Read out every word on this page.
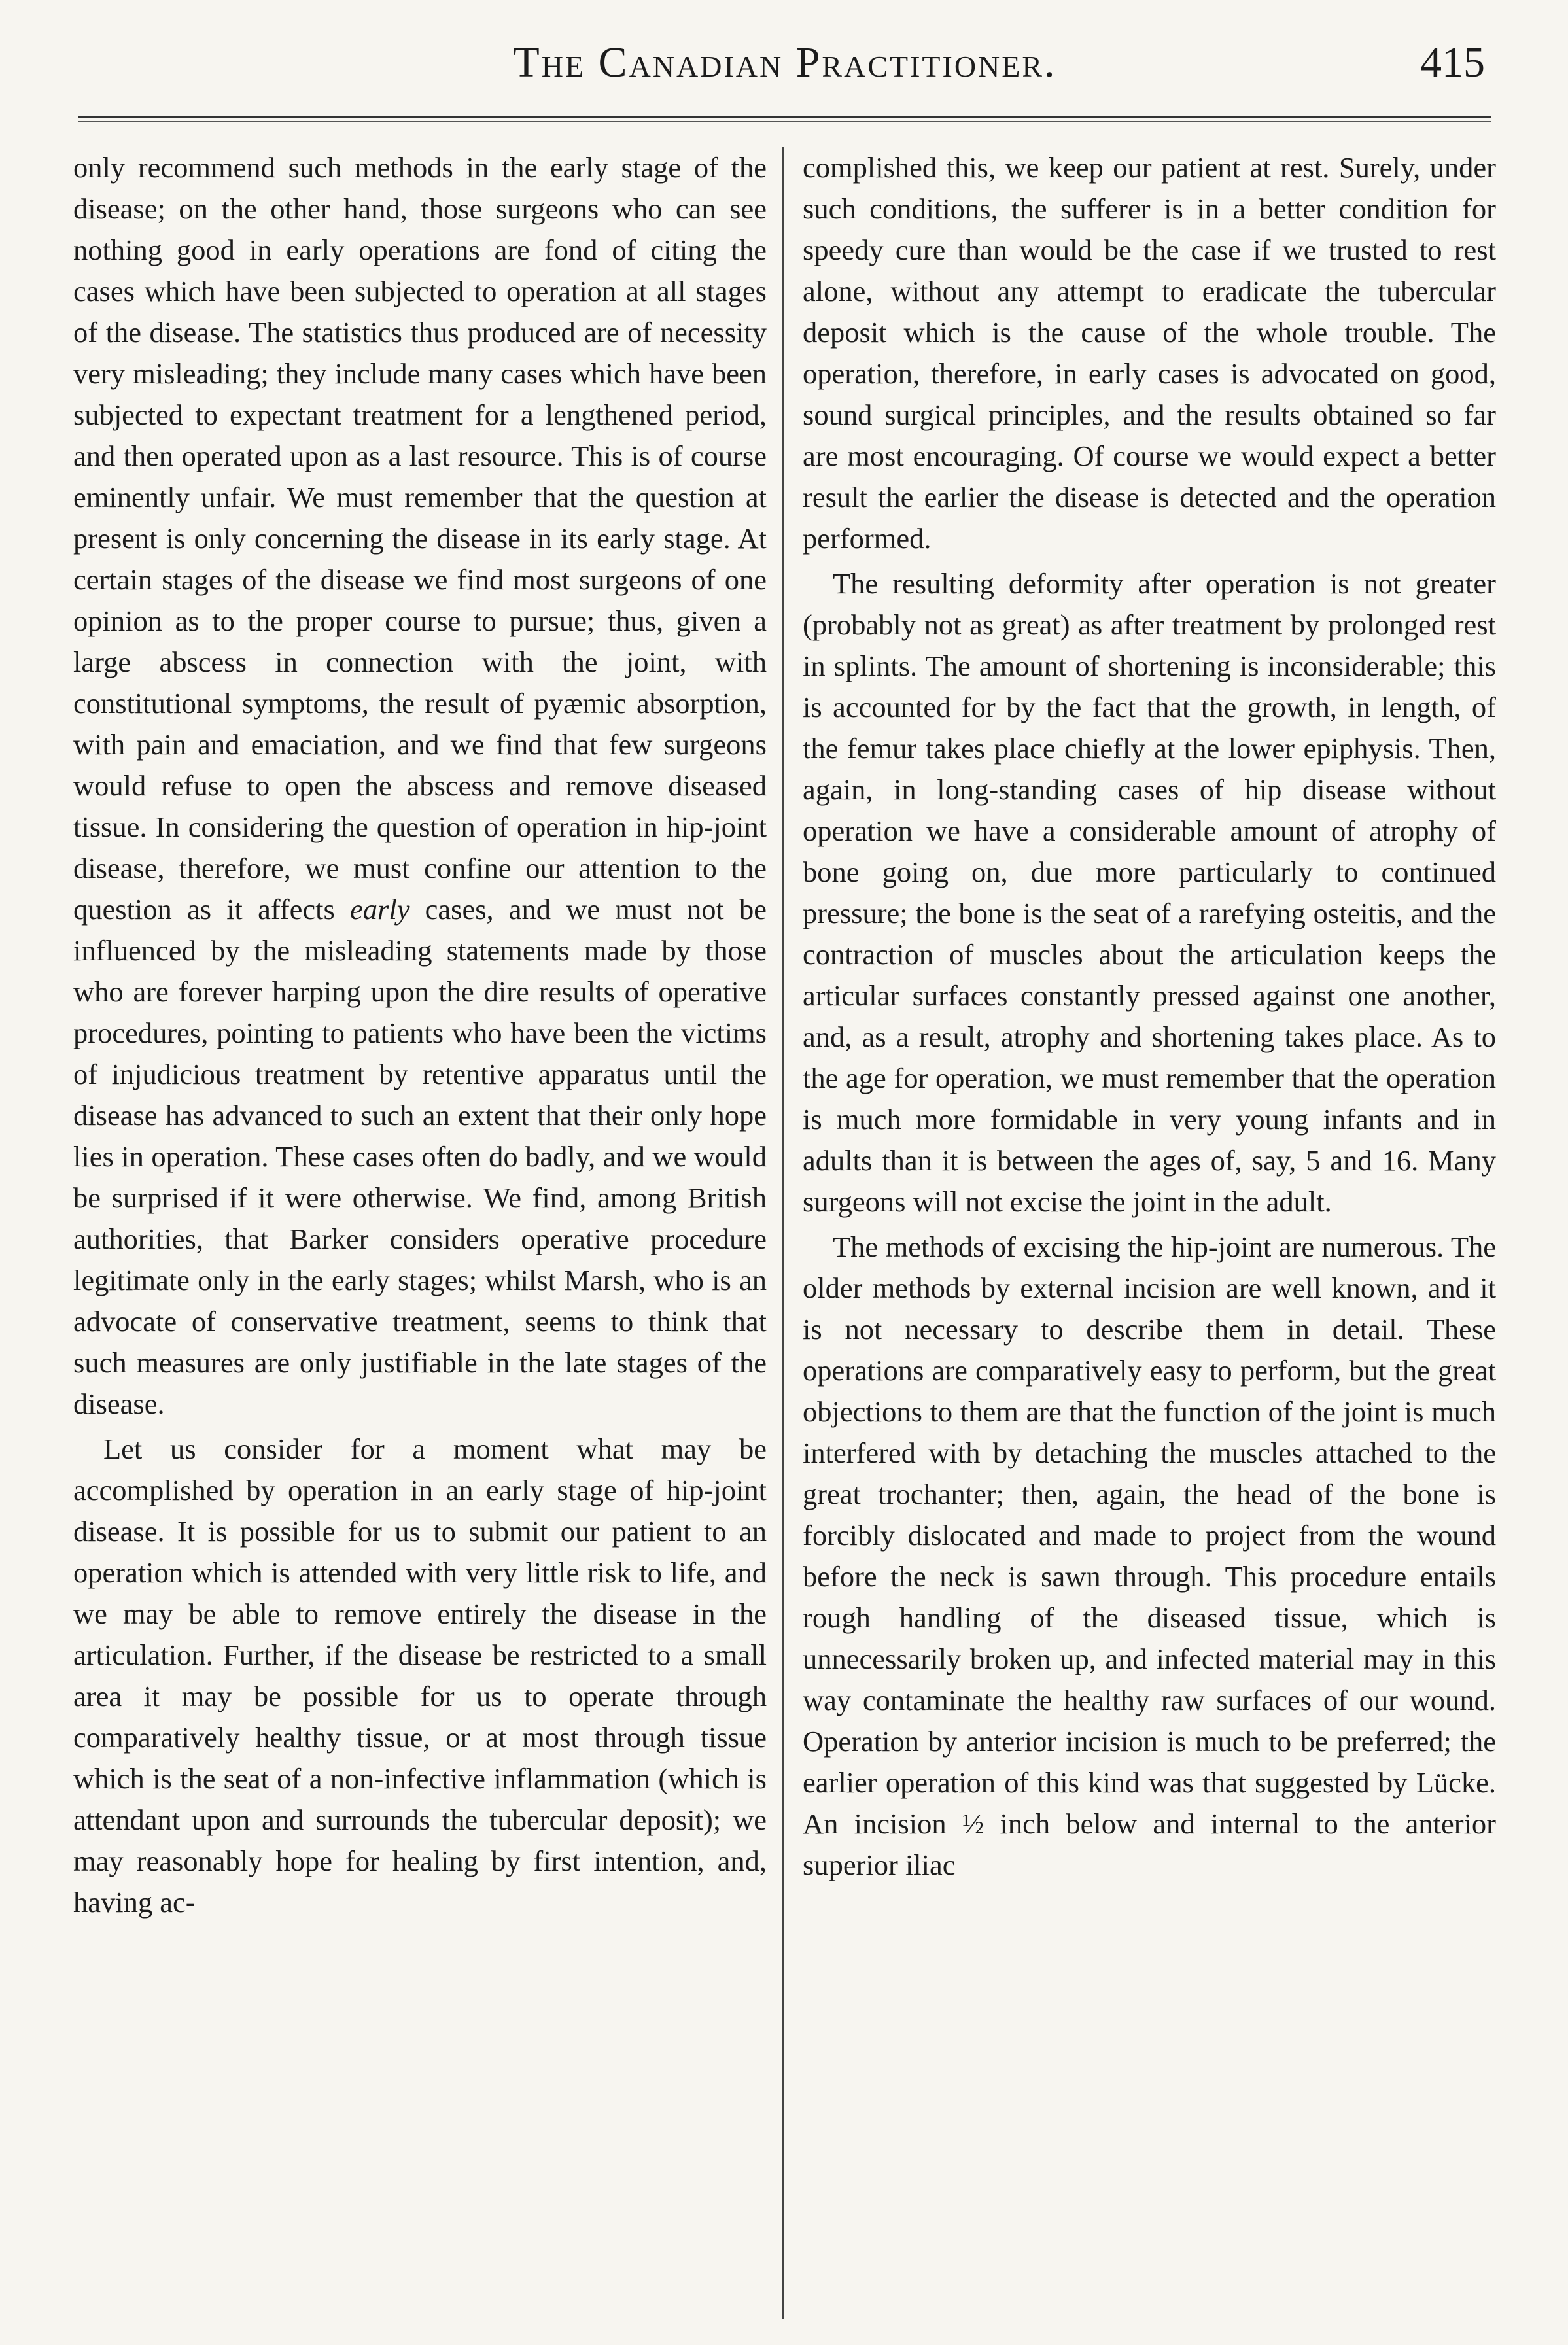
The Canadian Practitioner.	415

only recommend such methods in the early stage of the disease; on the other hand, those surgeons who can see nothing good in early operations are fond of citing the cases which have been subjected to operation at all stages of the disease. The statistics thus produced are of necessity very misleading; they include many cases which have been subjected to expectant treatment for a lengthened period, and then operated upon as a last resource. This is of course eminently unfair. We must remember that the question at present is only concerning the disease in its early stage. At certain stages of the disease we find most surgeons of one opinion as to the proper course to pursue; thus, given a large abscess in connection with the joint, with constitutional symptoms, the result of pyæmic absorption, with pain and emaciation, and we find that few surgeons would refuse to open the abscess and remove diseased tissue. In considering the question of operation in hip-joint disease, therefore, we must confine our attention to the question as it affects early cases, and we must not be influenced by the misleading statements made by those who are forever harping upon the dire results of operative procedures, pointing to patients who have been the victims of injudicious treatment by retentive apparatus until the disease has advanced to such an extent that their only hope lies in operation. These cases often do badly, and we would be surprised if it were otherwise. We find, among British authorities, that Barker considers operative procedure legitimate only in the early stages; whilst Marsh, who is an advocate of conservative treatment, seems to think that such measures are only justifiable in the late stages of the disease.

Let us consider for a moment what may be accomplished by operation in an early stage of hip-joint disease. It is possible for us to submit our patient to an operation which is attended with very little risk to life, and we may be able to remove entirely the disease in the articulation. Further, if the disease be restricted to a small area it may be possible for us to operate through comparatively healthy tissue, or at most through tissue which is the seat of a non-infective inflammation (which is attendant upon and surrounds the tubercular deposit); we may reasonably hope for healing by first intention, and, having ac-

complished this, we keep our patient at rest. Surely, under such conditions, the sufferer is in a better condition for speedy cure than would be the case if we trusted to rest alone, without any attempt to eradicate the tubercular deposit which is the cause of the whole trouble. The operation, therefore, in early cases is advocated on good, sound surgical principles, and the results obtained so far are most encouraging. Of course we would expect a better result the earlier the disease is detected and the operation performed.

The resulting deformity after operation is not greater (probably not as great) as after treatment by prolonged rest in splints. The amount of shortening is inconsiderable; this is accounted for by the fact that the growth, in length, of the femur takes place chiefly at the lower epiphysis. Then, again, in long-standing cases of hip disease without operation we have a considerable amount of atrophy of bone going on, due more particularly to continued pressure; the bone is the seat of a rarefying osteitis, and the contraction of muscles about the articulation keeps the articular surfaces constantly pressed against one another, and, as a result, atrophy and shortening takes place. As to the age for operation, we must remember that the operation is much more formidable in very young infants and in adults than it is between the ages of, say, 5 and 16. Many surgeons will not excise the joint in the adult.

The methods of excising the hip-joint are numerous. The older methods by external incision are well known, and it is not necessary to describe them in detail. These operations are comparatively easy to perform, but the great objections to them are that the function of the joint is much interfered with by detaching the muscles attached to the great trochanter; then, again, the head of the bone is forcibly dislocated and made to project from the wound before the neck is sawn through. This procedure entails rough handling of the diseased tissue, which is unnecessarily broken up, and infected material may in this way contaminate the healthy raw surfaces of our wound. Operation by anterior incision is much to be preferred; the earlier operation of this kind was that suggested by Lücke. An incision ½ inch below and internal to the anterior superior iliac
